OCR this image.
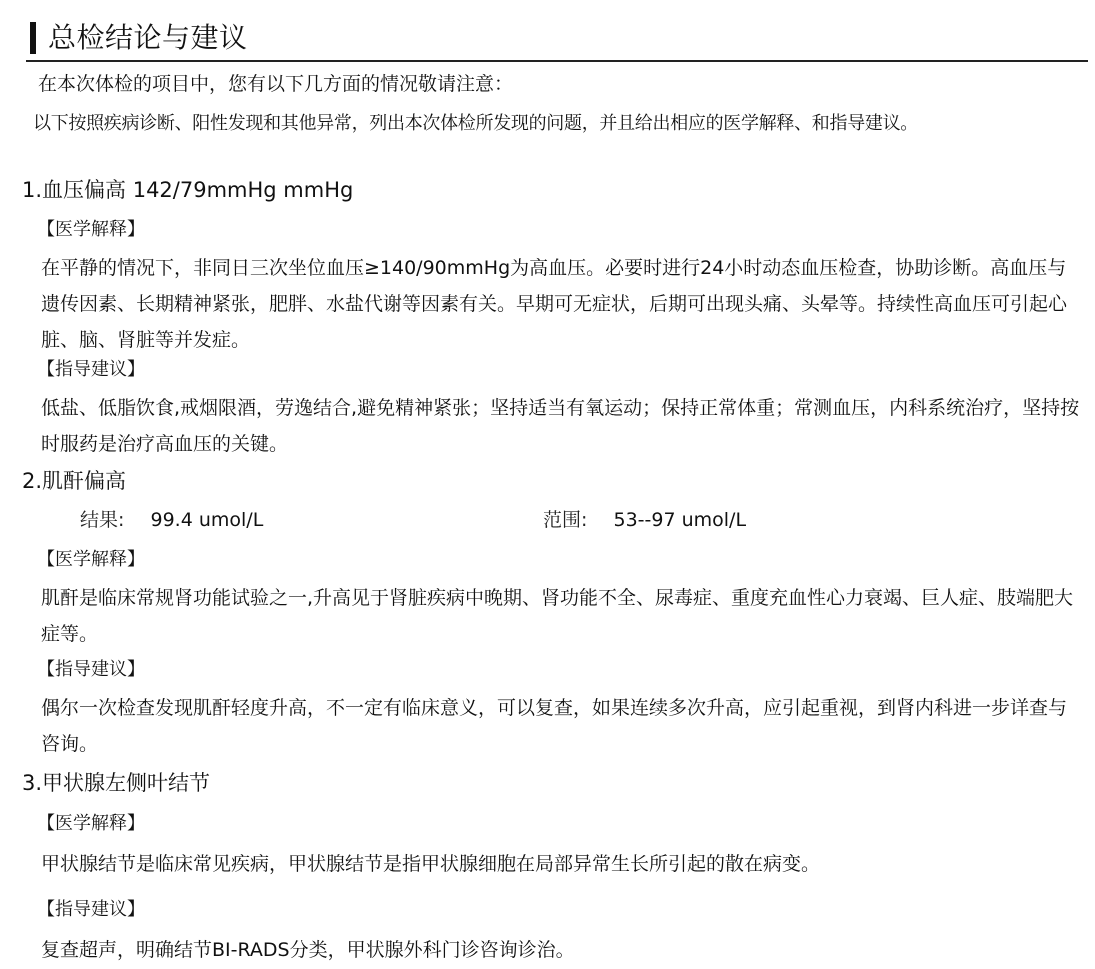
总检结论与建议
在本次体检的项目中，您有以下几方面的情况敬请注意：
以下按照疾病诊断、阳性发现和其他异常，列出本次体检所发现的问题，并且给出相应的医学解释、和指导建议。
1.血压偏高 142/79mmHg mmHg
【医学解释】
在平静的情况下，非同日三次坐位血压≥140/90mmHg为高血压。必要时进行24小时动态血压检查，协助诊断。高血压与遗传因素、长期精神紧张，肥胖、水盐代谢等因素有关。早期可无症状，后期可出现头痛、头晕等。持续性高血压可引起心脏、脑、肾脏等并发症。
【指导建议】
低盐、低脂饮食,戒烟限酒，劳逸结合,避免精神紧张；坚持适当有氧运动；保持正常体重；常测血压，内科系统治疗，坚持按时服药是治疗高血压的关键。
2.肌酐偏高
结果: 99.4 umol/L	范围: 53--97 umol/L
【医学解释】
肌酐是临床常规肾功能试验之一,升高见于肾脏疾病中晚期、肾功能不全、尿毒症、重度充血性心力衰竭、巨人症、肢端肥大症等。
【指导建议】
偶尔一次检查发现肌酐轻度升高，不一定有临床意义，可以复查，如果连续多次升高，应引起重视，到肾内科进一步详查与咨询。
3.甲状腺左侧叶结节
【医学解释】
甲状腺结节是临床常见疾病，甲状腺结节是指甲状腺细胞在局部异常生长所引起的散在病变。
【指导建议】
复查超声，明确结节BI-RADS分类，甲状腺外科门诊咨询诊治。
